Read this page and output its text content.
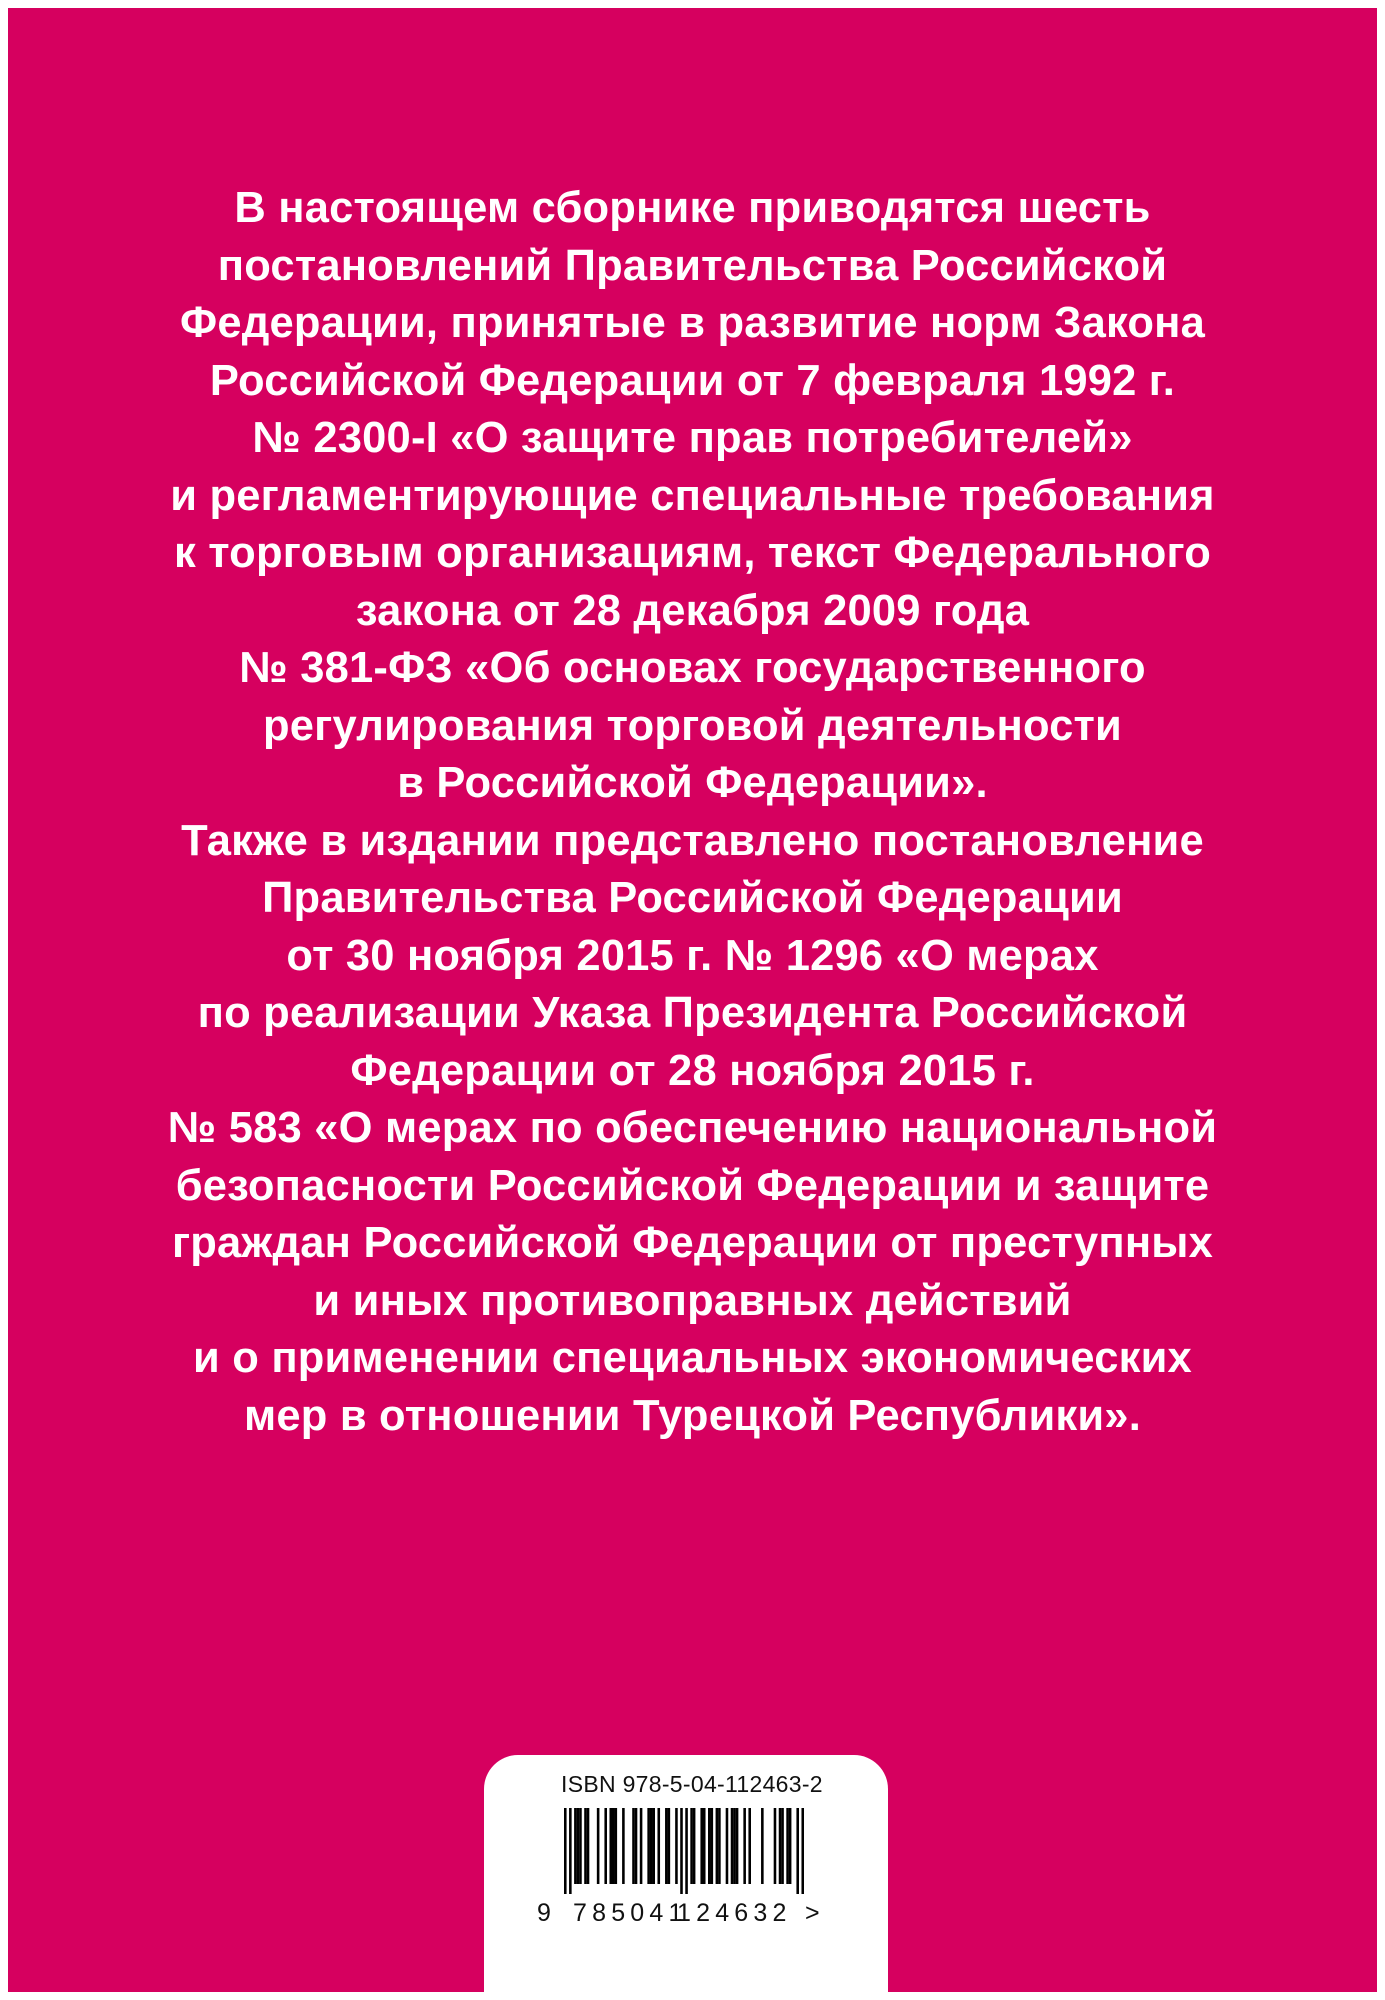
В настоящем сборнике приводятся шесть
постановлений Правительства Российской
Федерации, принятые в развитие норм Закона
Российской Федерации от 7 февраля 1992 г.
№ 2300-I «О защите прав потребителей»
и регламентирующие специальные требования
к торговым организациям, текст Федерального
закона от 28 декабря 2009 года
№ 381-ФЗ «Об основах государственного
регулирования торговой деятельности
в Российской Федерации».
Также в издании представлено постановление
Правительства Российской Федерации
от 30 ноября 2015 г. № 1296 «О мерах
по реализации Указа Президента Российской
Федерации от 28 ноября 2015 г.
№ 583 «О мерах по обеспечению национальной
безопасности Российской Федерации и защите
граждан Российской Федерации от преступных
и иных противоправных действий
и о применении специальных экономических
мер в отношении Турецкой Республики».

ISBN 978-5-04-112463-2
9 785041
124632 >
